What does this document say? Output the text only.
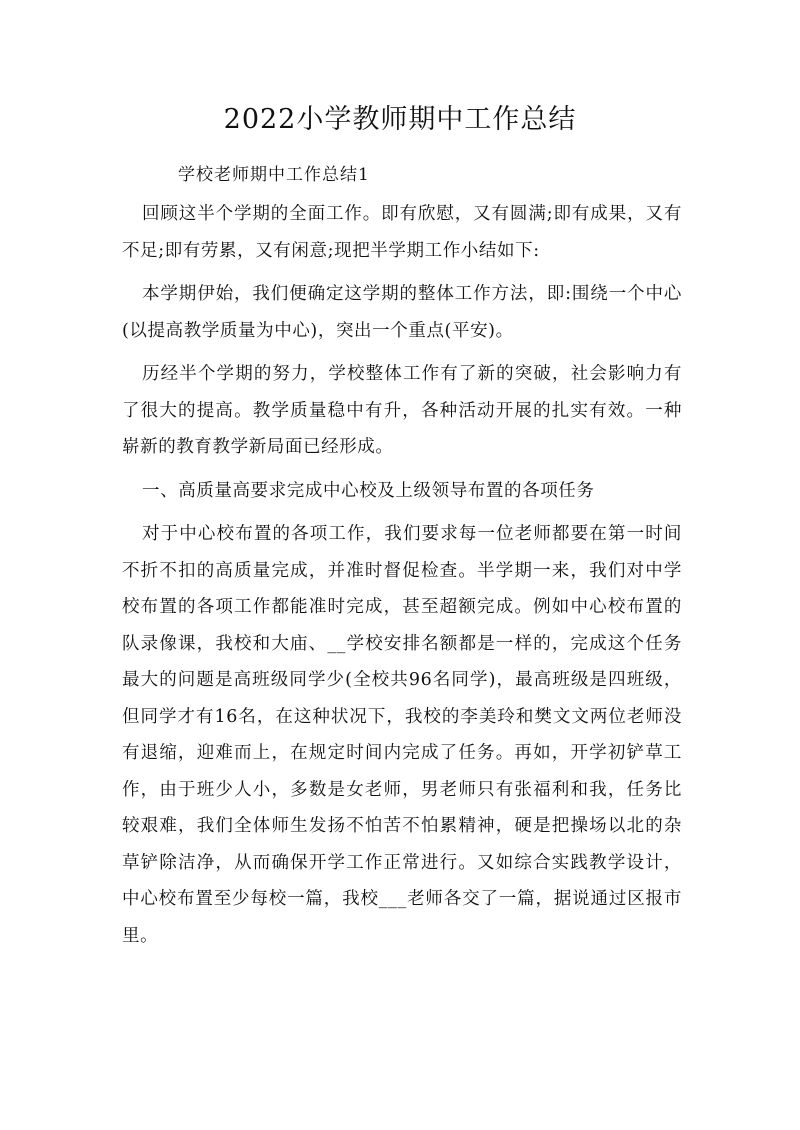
2022小学教师期中工作总结

学校老师期中工作总结1

回顾这半个学期的全面工作。即有欣慰，又有圆满;即有成果，又有不足;即有劳累，又有闲意;现把半学期工作小结如下:

本学期伊始，我们便确定这学期的整体工作方法，即:围绕一个中心(以提高教学质量为中心)，突出一个重点(平安)。

历经半个学期的努力，学校整体工作有了新的突破，社会影响力有了很大的提高。教学质量稳中有升，各种活动开展的扎实有效。一种崭新的教育教学新局面已经形成。

一、高质量高要求完成中心校及上级领导布置的各项任务

对于中心校布置的各项工作，我们要求每一位老师都要在第一时间不折不扣的高质量完成，并准时督促检查。半学期一来，我们对中学校布置的各项工作都能准时完成，甚至超额完成。例如中心校布置的队录像课，我校和大庙、__学校安排名额都是一样的，完成这个任务最大的问题是高班级同学少(全校共96名同学)，最高班级是四班级，但同学才有16名，在这种状况下，我校的李美玲和樊文文两位老师没有退缩，迎难而上，在规定时间内完成了任务。再如，开学初铲草工作，由于班少人小，多数是女老师，男老师只有张福利和我，任务比较艰难，我们全体师生发扬不怕苦不怕累精神，硬是把操场以北的杂草铲除洁净，从而确保开学工作正常进行。又如综合实践教学设计，中心校布置至少每校一篇，我校___老师各交了一篇，据说通过区报市里。
